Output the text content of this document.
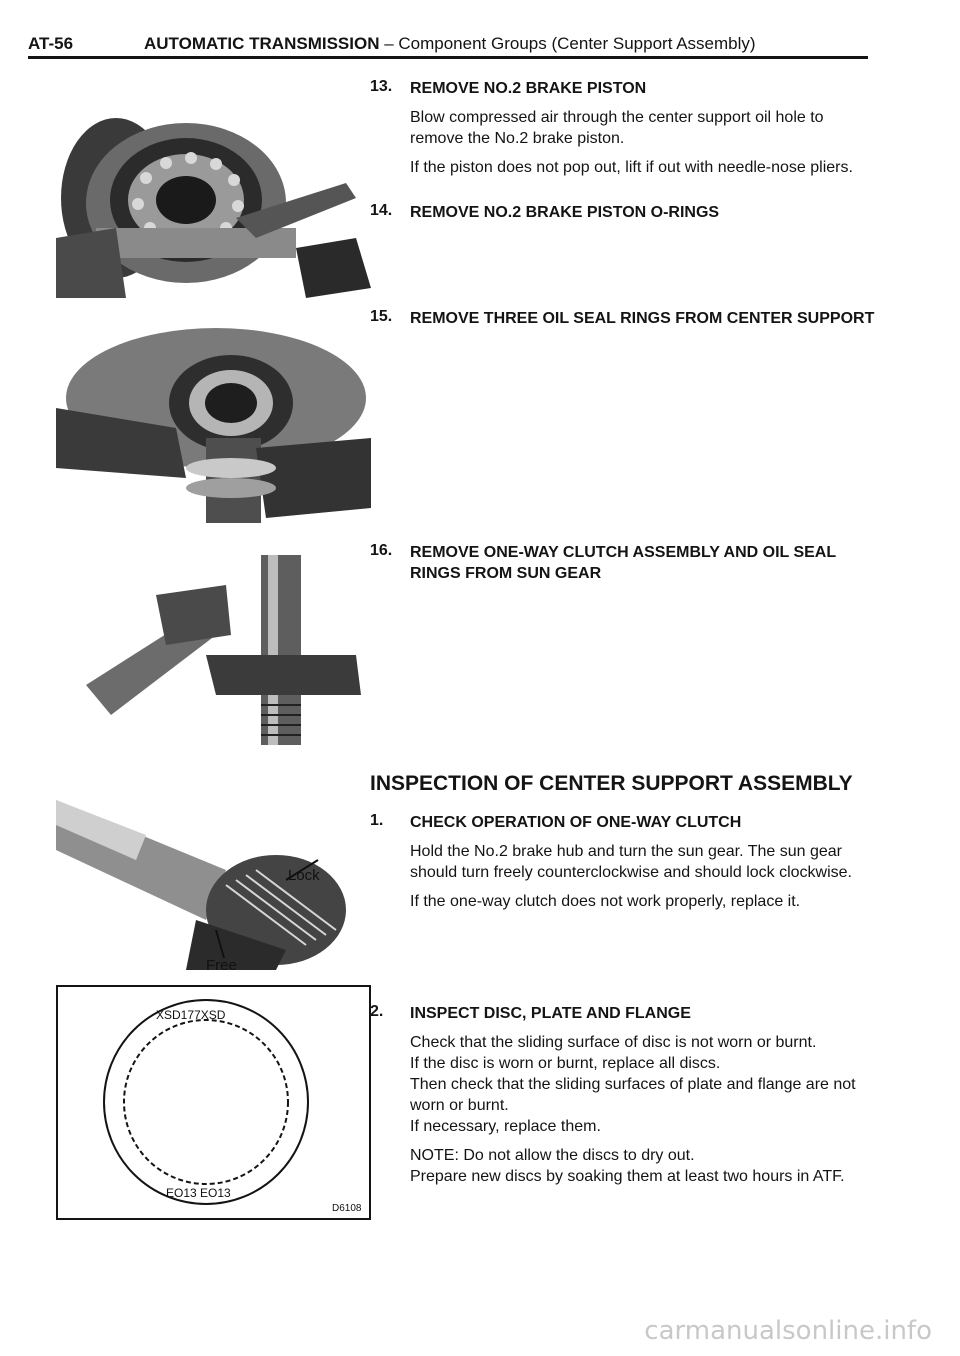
AT-56	AUTOMATIC TRANSMISSION – Component Groups (Center Support Assembly)
Lock
Free
XSD177XSD
EO13 EO13
D6108
13. REMOVE NO.2 BRAKE PISTON

Blow compressed air through the center support oil hole to remove the No.2 brake piston.

If the piston does not pop out, lift if out with needle-nose pliers.

14. REMOVE NO.2 BRAKE PISTON O-RINGS
15. REMOVE THREE OIL SEAL RINGS FROM CENTER SUPPORT
16. REMOVE ONE-WAY CLUTCH ASSEMBLY AND OIL SEAL RINGS FROM SUN GEAR
INSPECTION OF CENTER SUPPORT ASSEMBLY
1. CHECK OPERATION OF ONE-WAY CLUTCH

Hold the No.2 brake hub and turn the sun gear. The sun gear should turn freely counterclockwise and should lock clockwise.

If the one-way clutch does not work properly, replace it.

2. INSPECT DISC, PLATE AND FLANGE

Check that the sliding surface of disc is not worn or burnt.

If the disc is worn or burnt, replace all discs.

Then check that the sliding surfaces of plate and flange are not worn or burnt.

If necessary, replace them.

NOTE: Do not allow the discs to dry out.

Prepare new discs by soaking them at least two hours in ATF.

carmanualsonline.info
